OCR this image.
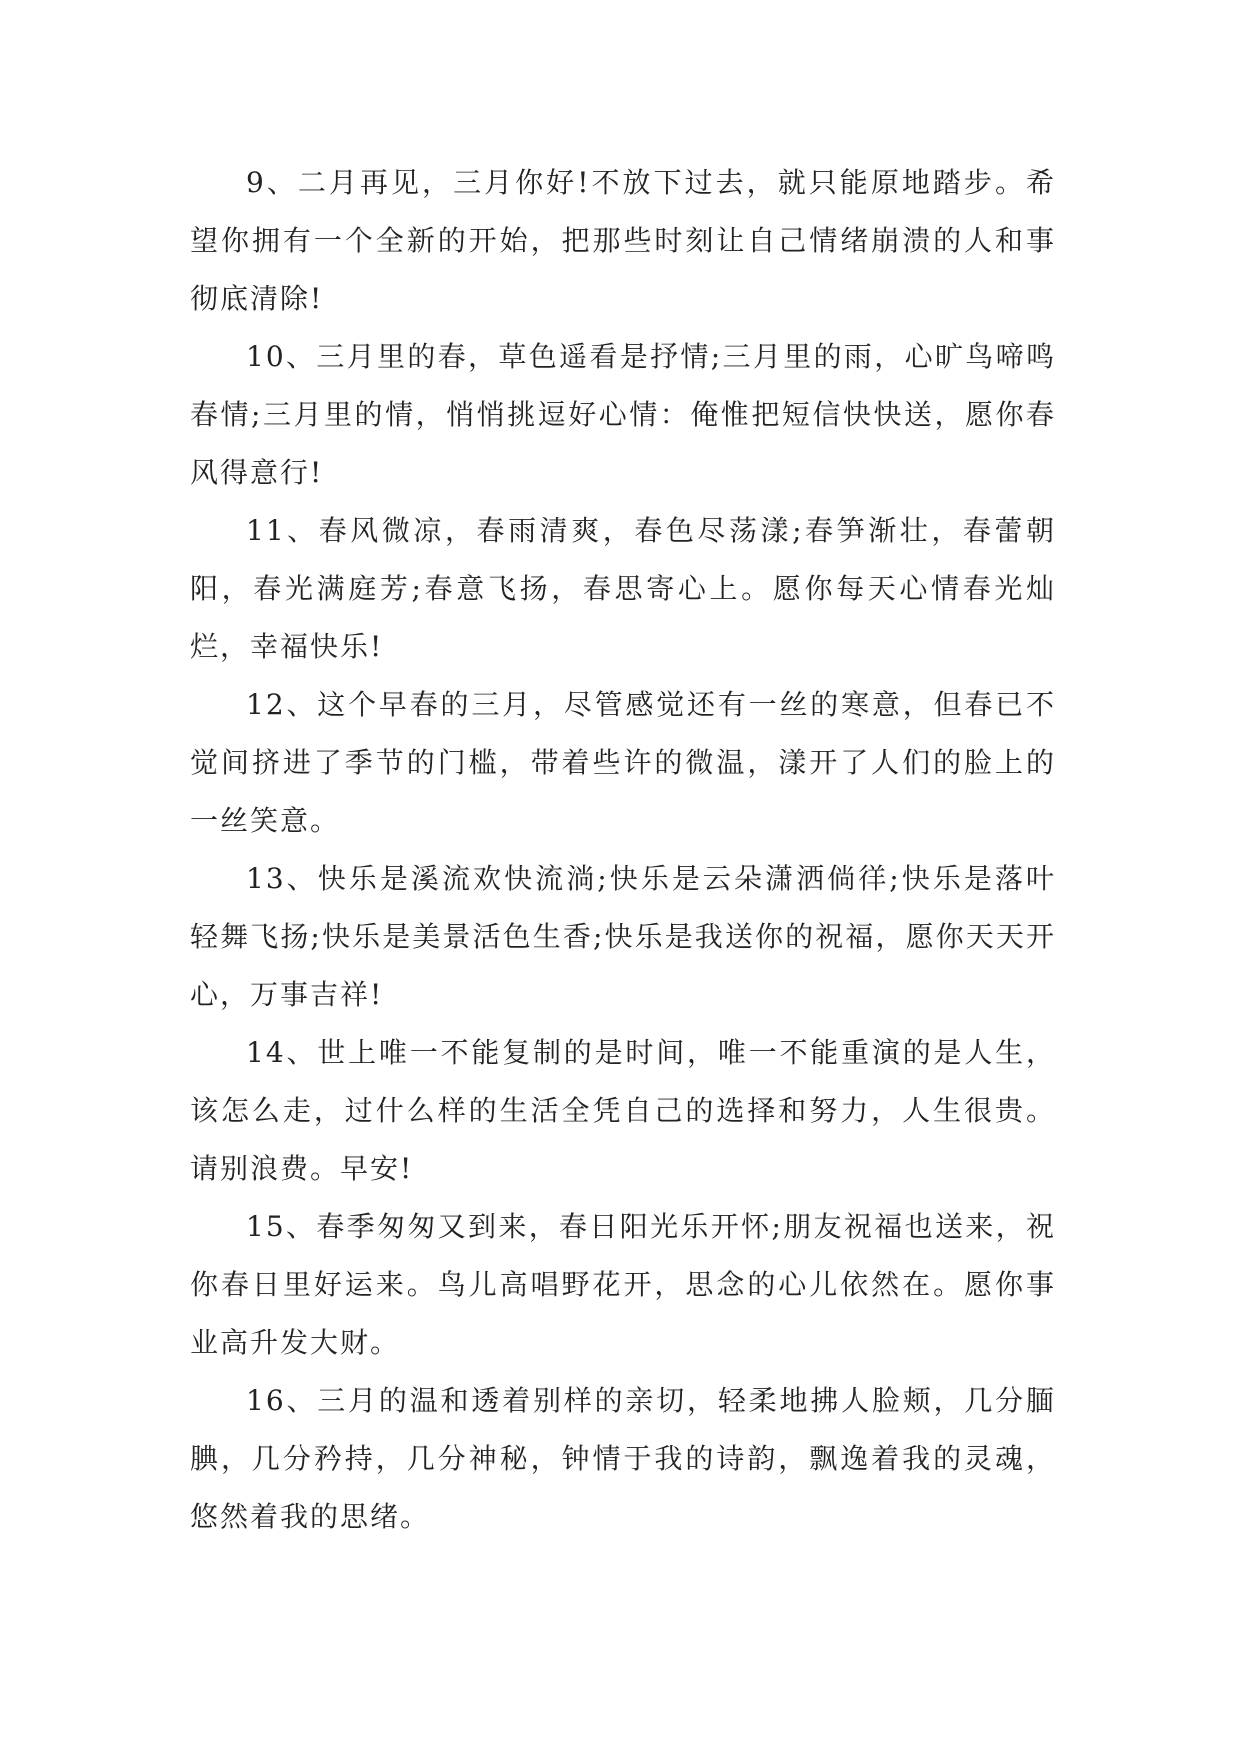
9、二月再见，三月你好!不放下过去，就只能原地踏步。希望你拥有一个全新的开始，把那些时刻让自己情绪崩溃的人和事彻底清除!

10、三月里的春，草色遥看是抒情;三月里的雨，心旷鸟啼鸣春情;三月里的情，悄悄挑逗好心情：俺惟把短信快快送，愿你春风得意行!

11、春风微凉，春雨清爽，春色尽荡漾;春笋渐壮，春蕾朝阳，春光满庭芳;春意飞扬，春思寄心上。愿你每天心情春光灿烂，幸福快乐!

12、这个早春的三月，尽管感觉还有一丝的寒意，但春已不觉间挤进了季节的门槛，带着些许的微温，漾开了人们的脸上的一丝笑意。

13、快乐是溪流欢快流淌;快乐是云朵潇洒倘徉;快乐是落叶轻舞飞扬;快乐是美景活色生香;快乐是我送你的祝福，愿你天天开心，万事吉祥!

14、世上唯一不能复制的是时间，唯一不能重演的是人生，该怎么走，过什么样的生活全凭自己的选择和努力，人生很贵。请别浪费。早安!

15、春季匆匆又到来，春日阳光乐开怀;朋友祝福也送来，祝你春日里好运来。鸟儿高唱野花开，思念的心儿依然在。愿你事业高升发大财。

16、三月的温和透着别样的亲切，轻柔地拂人脸颊，几分腼腆，几分矜持，几分神秘，钟情于我的诗韵，飘逸着我的灵魂，悠然着我的思绪。
